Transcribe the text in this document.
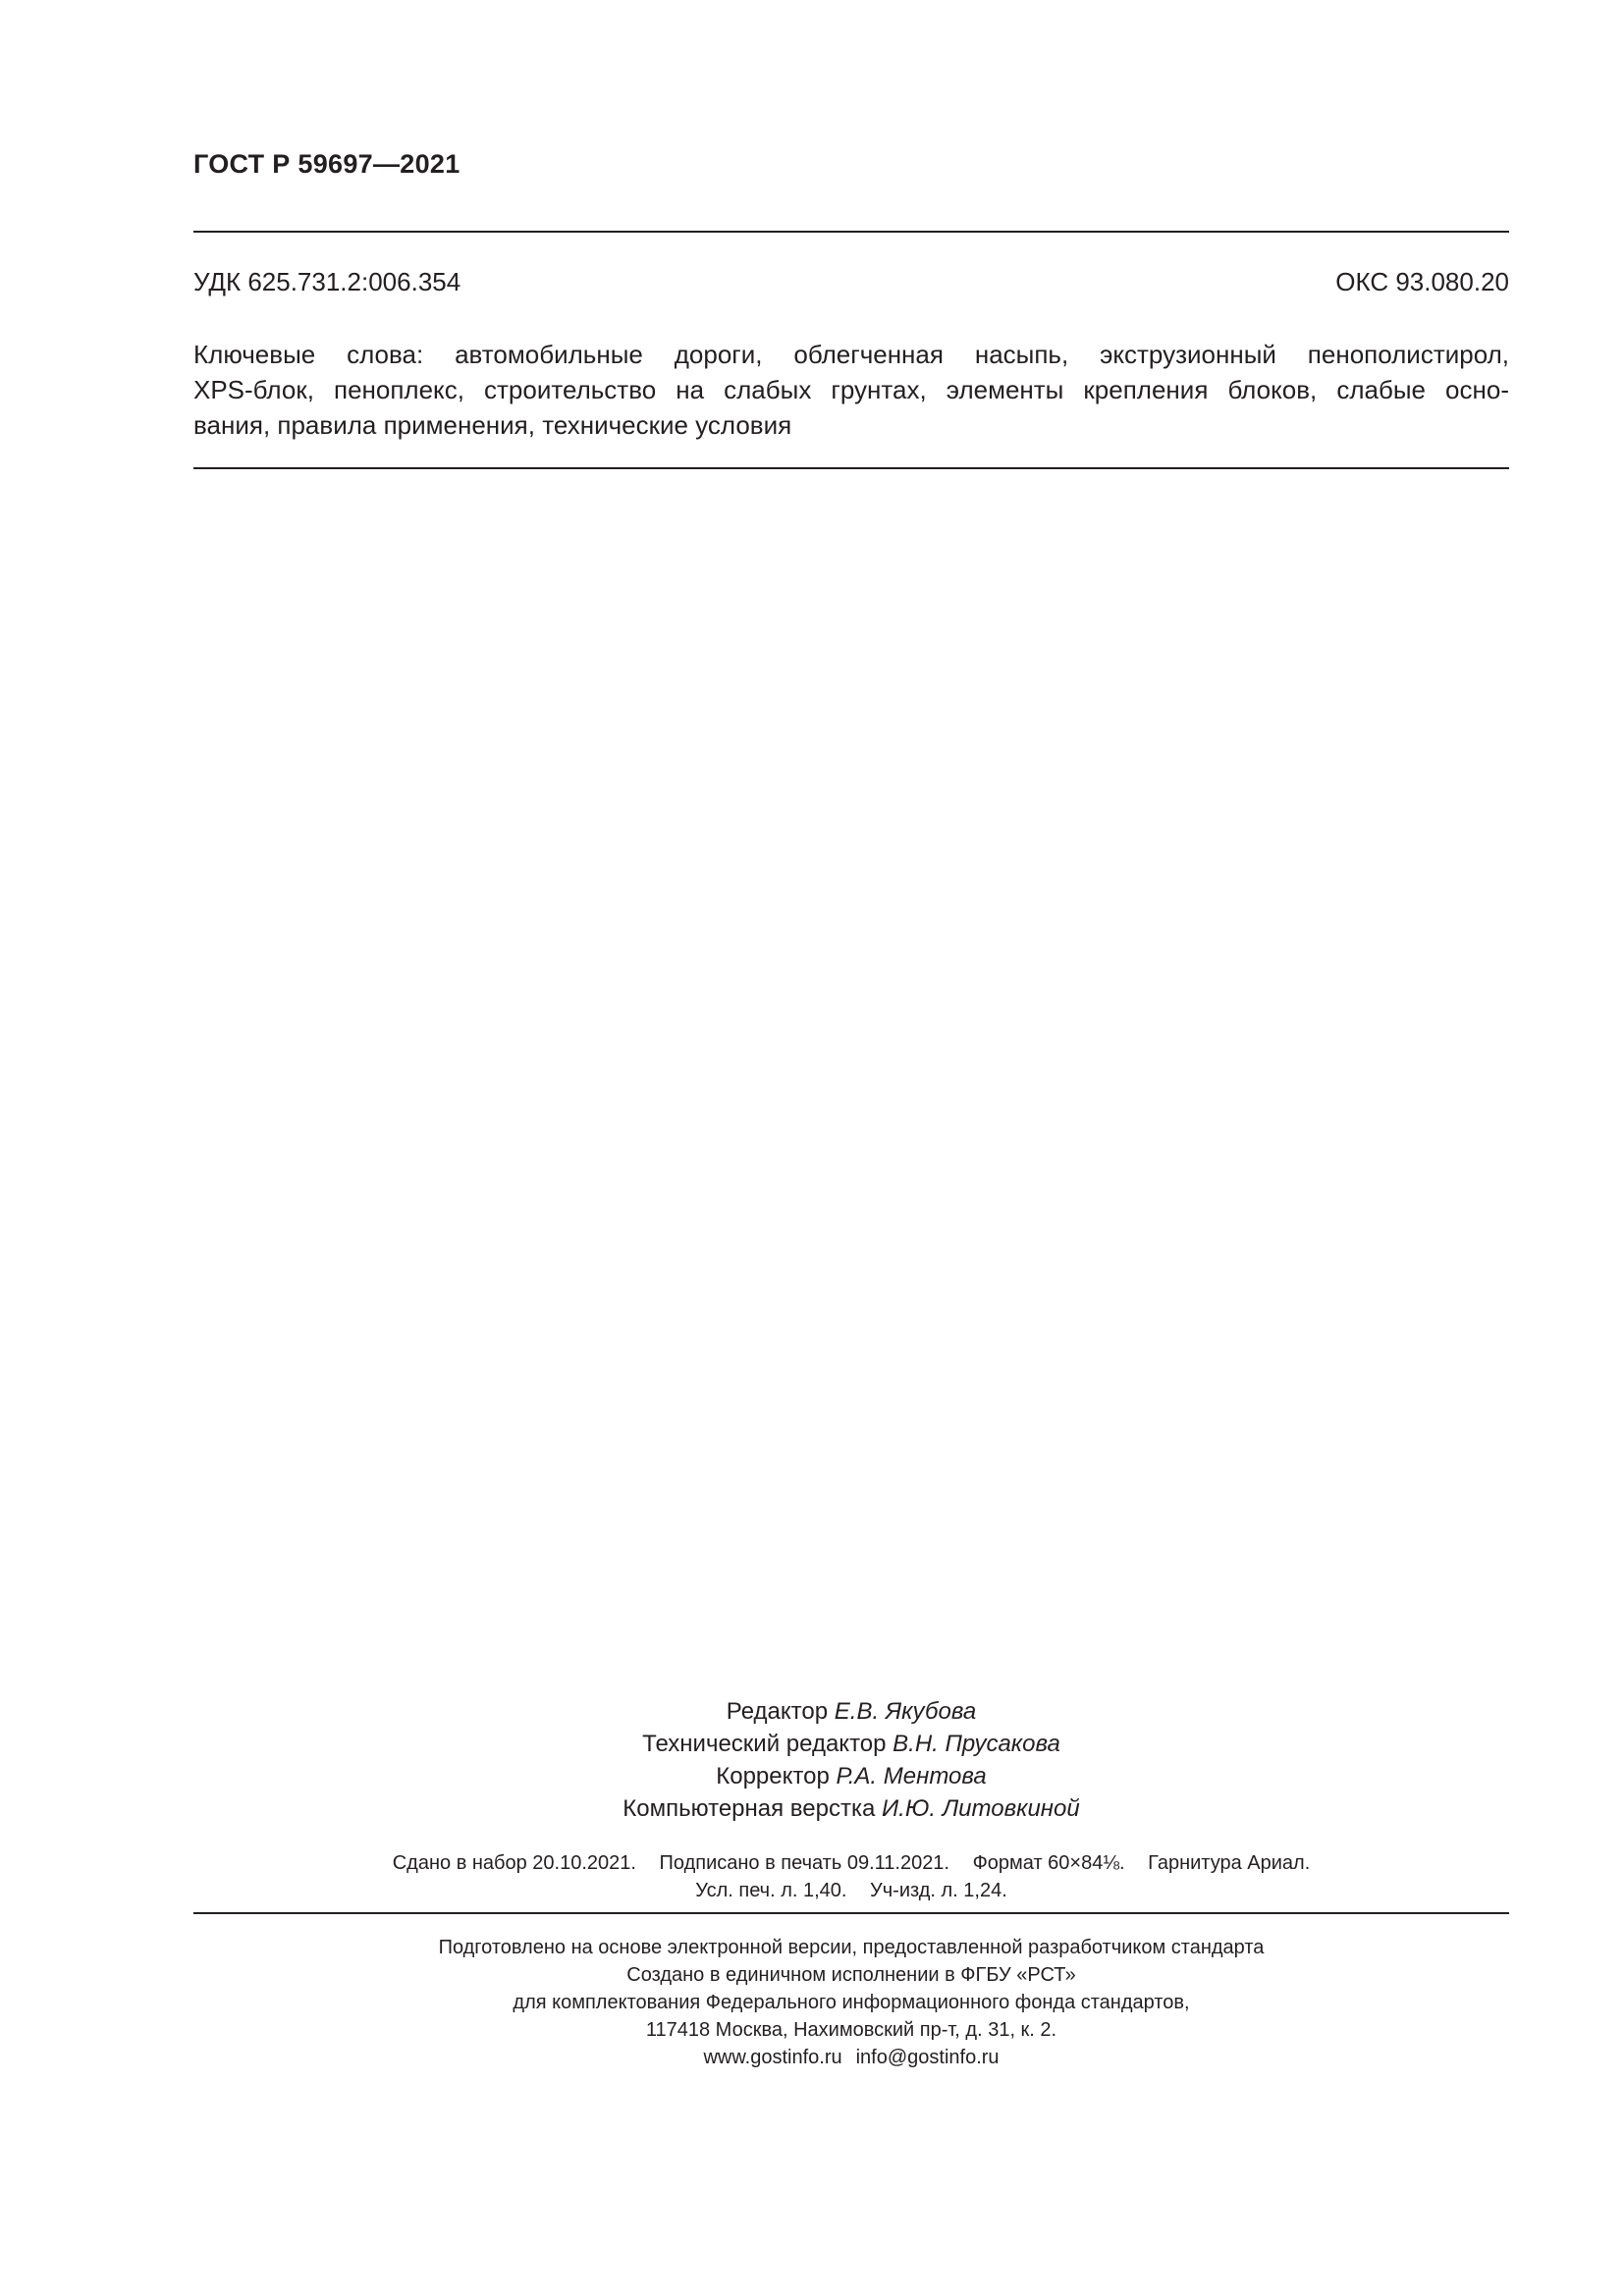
ГОСТ Р 59697—2021
УДК 625.731.2:006.354	ОКС 93.080.20
Ключевые слова: автомобильные дороги, облегченная насыпь, экструзионный пенополистирол,
XPS-блок, пеноплекс, строительство на слабых грунтах, элементы крепления блоков, слабые осно-
вания, правила применения, технические условия
Редактор Е.В. Якубова
Технический редактор В.Н. Прусакова
Корректор Р.А. Ментова
Компьютерная верстка И.Ю. Литовкиной
Сдано в набор 20.10.2021. Подписано в печать 09.11.2021. Формат 60×84⅛. Гарнитура Ариал.
Усл. печ. л. 1,40. Уч-изд. л. 1,24.
Подготовлено на основе электронной версии, предоставленной разработчиком стандарта
Создано в единичном исполнении в ФГБУ «РСТ»
для комплектования Федерального информационного фонда стандартов,
117418 Москва, Нахимовский пр-т, д. 31, к. 2.
www.gostinfo.ru info@gostinfo.ru
